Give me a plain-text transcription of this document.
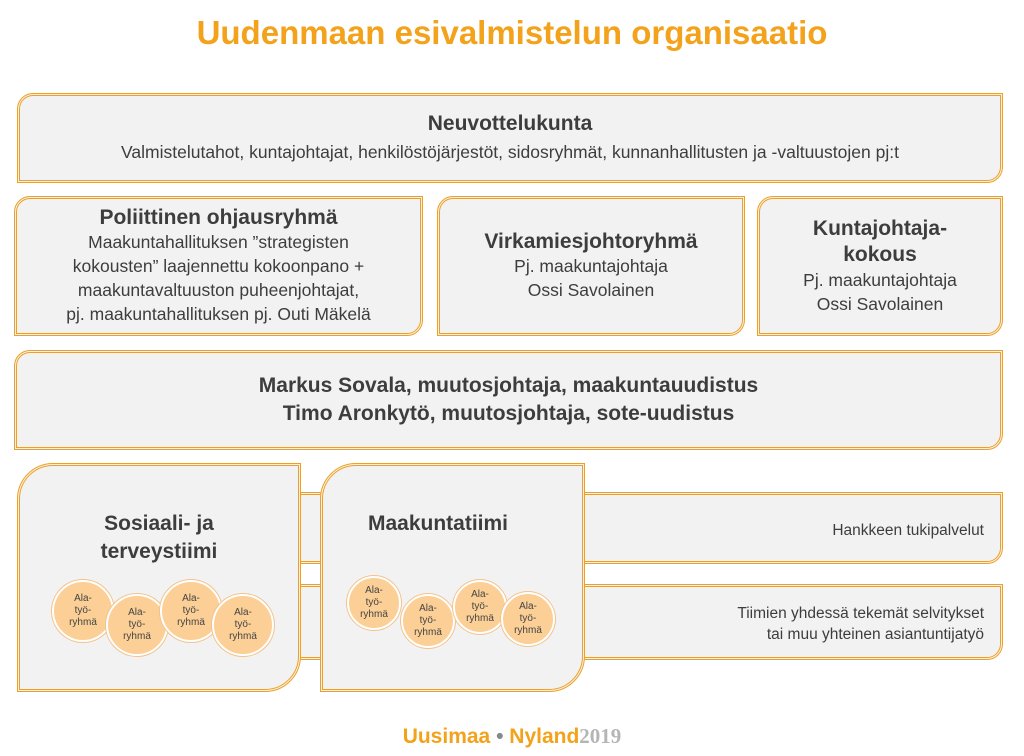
Uudenmaan esivalmistelun organisaatio
Neuvottelukunta
Valmistelutahot, kuntajohtajat, henkilöstöjärjestöt, sidosryhmät, kunnanhallitusten ja -valtuustojen pj:t
Poliittinen ohjausryhmä
Maakuntahallituksen ”strategisten
kokousten” laajennettu kokoonpano +
maakuntavaltuuston puheenjohtajat,
pj. maakuntahallituksen pj. Outi Mäkelä
Virkamiesjohtoryhmä
Pj. maakuntajohtaja
Ossi Savolainen
Kuntajohtaja-
kokous
Pj. maakuntajohtaja
Ossi Savolainen
Markus Sovala, muutosjohtaja, maakuntauudistus
Timo Aronkytö, muutosjohtaja, sote-uudistus
Hankkeen tukipalvelut
Tiimien yhdessä tekemät selvitykset
tai muu yhteinen asiantuntijatyö
Sosiaali- ja
terveystiimi
Ala-
työ-
ryhmä
Ala-
työ-
ryhmä
Ala-
työ-
ryhmä
Ala-
työ-
ryhmä
Maakuntatiimi
Ala-
työ-
ryhmä
Ala-
työ-
ryhmä
Ala-
työ-
ryhmä
Ala-
työ-
ryhmä
Uusimaa • Nyland2019
